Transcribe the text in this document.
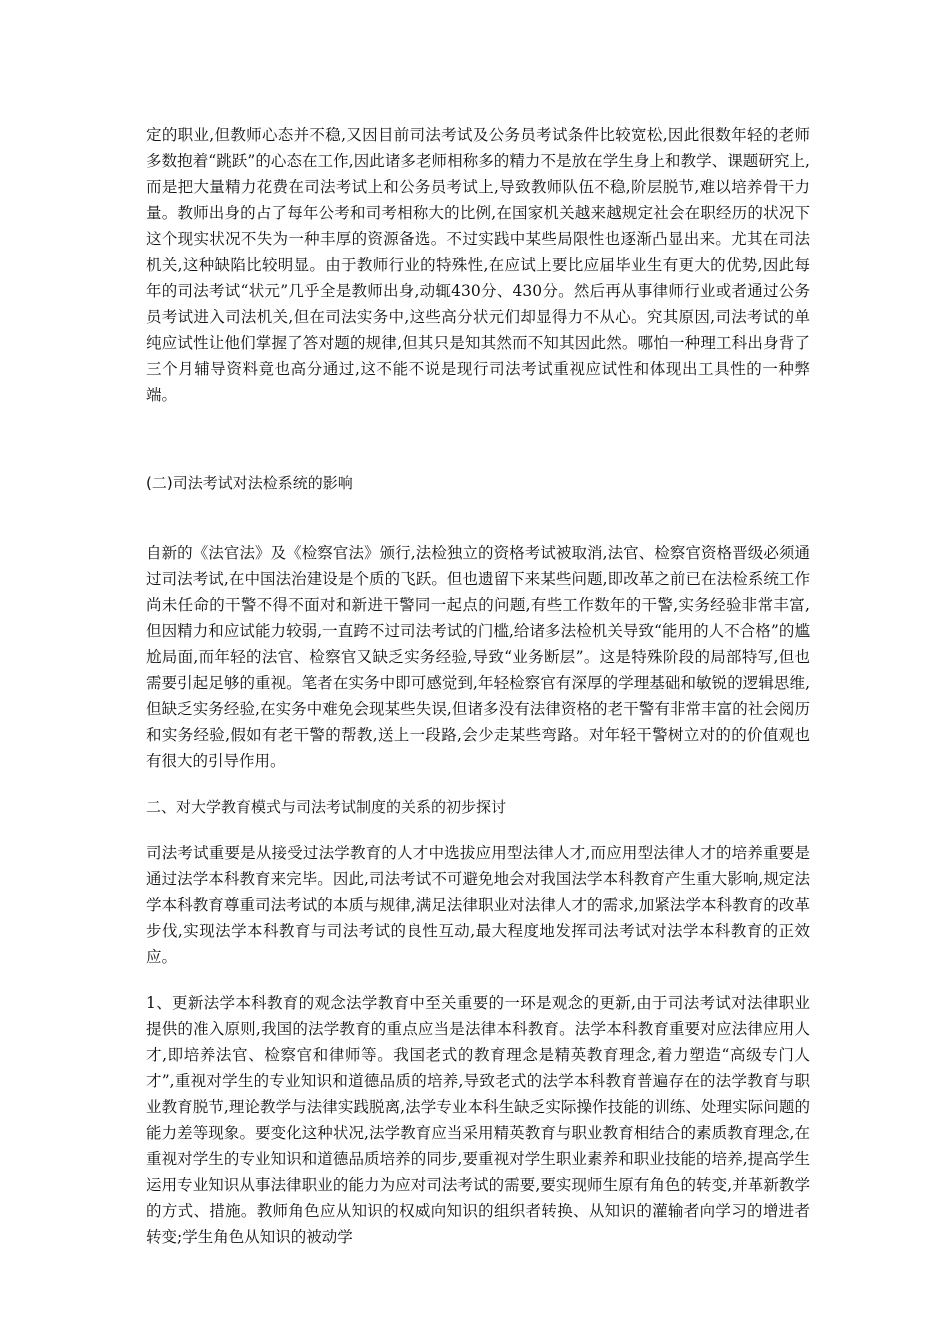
定的职业,但教师心态并不稳,又因目前司法考试及公务员考试条件比较宽松,因此很数年轻的老师多数抱着“跳跃”的心态在工作,因此诸多老师相称多的精力不是放在学生身上和教学、课题研究上,而是把大量精力花费在司法考试上和公务员考试上,导致教师队伍不稳,阶层脱节,难以培养骨干力量。教师出身的占了每年公考和司考相称大的比例,在国家机关越来越规定社会在职经历的状况下这个现实状况不失为一种丰厚的资源备选。不过实践中某些局限性也逐渐凸显出来。尤其在司法机关,这种缺陷比较明显。由于教师行业的特殊性,在应试上要比应届毕业生有更大的优势,因此每年的司法考试“状元”几乎全是教师出身,动辄430分、430分。然后再从事律师行业或者通过公务员考试进入司法机关,但在司法实务中,这些高分状元们却显得力不从心。究其原因,司法考试的单纯应试性让他们掌握了答对题的规律,但其只是知其然而不知其因此然。哪怕一种理工科出身背了三个月辅导资料竟也高分通过,这不能不说是现行司法考试重视应试性和体现出工具性的一种弊端。

(二)司法考试对法检系统的影响

自新的《法官法》及《检察官法》颁行,法检独立的资格考试被取消,法官、检察官资格晋级必须通过司法考试,在中国法治建设是个质的飞跃。但也遗留下来某些问题,即改革之前已在法检系统工作尚未任命的干警不得不面对和新进干警同一起点的问题,有些工作数年的干警,实务经验非常丰富,但因精力和应试能力较弱,一直跨不过司法考试的门槛,给诸多法检机关导致“能用的人不合格”的尴尬局面,而年轻的法官、检察官又缺乏实务经验,导致“业务断层”。这是特殊阶段的局部特写,但也需要引起足够的重视。笔者在实务中即可感觉到,年轻检察官有深厚的学理基础和敏锐的逻辑思维,但缺乏实务经验,在实务中难免会现某些失误,但诸多没有法律资格的老干警有非常丰富的社会阅历和实务经验,假如有老干警的帮教,送上一段路,会少走某些弯路。对年轻干警树立对的的价值观也有很大的引导作用。

二、对大学教育模式与司法考试制度的关系的初步探讨

司法考试重要是从接受过法学教育的人才中选拔应用型法律人才,而应用型法律人才的培养重要是通过法学本科教育来完毕。因此,司法考试不可避免地会对我国法学本科教育产生重大影响,规定法学本科教育尊重司法考试的本质与规律,满足法律职业对法律人才的需求,加紧法学本科教育的改革步伐,实现法学本科教育与司法考试的良性互动,最大程度地发挥司法考试对法学本科教育的正效应。

1、更新法学本科教育的观念法学教育中至关重要的一环是观念的更新,由于司法考试对法律职业提供的准入原则,我国的法学教育的重点应当是法律本科教育。法学本科教育重要对应法律应用人才,即培养法官、检察官和律师等。我国老式的教育理念是精英教育理念,着力塑造“高级专门人才”,重视对学生的专业知识和道德品质的培养,导致老式的法学本科教育普遍存在的法学教育与职业教育脱节,理论教学与法律实践脱离,法学专业本科生缺乏实际操作技能的训练、处理实际问题的能力差等现象。要变化这种状况,法学教育应当采用精英教育与职业教育相结合的素质教育理念,在重视对学生的专业知识和道德品质培养的同步,要重视对学生职业素养和职业技能的培养,提高学生运用专业知识从事法律职业的能力为应对司法考试的需要,要实现师生原有角色的转变,并革新教学的方式、措施。教师角色应从知识的权威向知识的组织者转换、从知识的灌输者向学习的增进者转变;学生角色从知识的被动学
